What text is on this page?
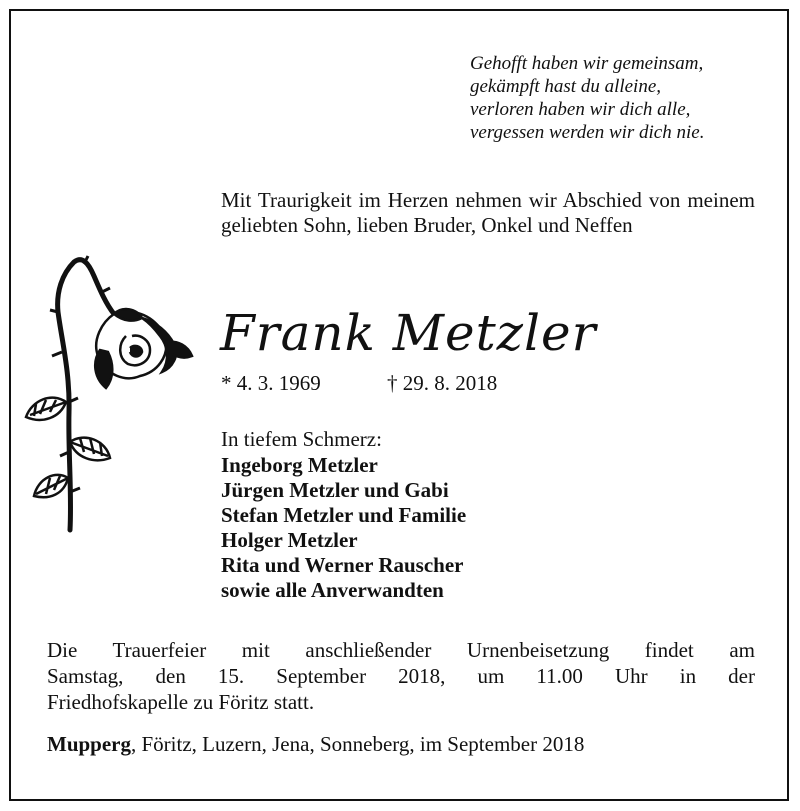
Gehofft haben wir gemeinsam,
gekämpft hast du alleine,
verloren haben wir dich alle,
vergessen werden wir dich nie.
Mit Traurigkeit im Herzen nehmen wir Abschied von meinem geliebten Sohn, lieben Bruder, Onkel und Neffen
Frank Metzler
* 4. 3. 1969	† 29. 8. 2018
In tiefem Schmerz:
Ingeborg Metzler
Jürgen Metzler und Gabi
Stefan Metzler und Familie
Holger Metzler
Rita und Werner Rauscher
sowie alle Anverwandten
Die Trauerfeier mit anschließender Urnenbeisetzung findet am
Samstag, den 15. September 2018, um 11.00 Uhr in der
Friedhofskapelle zu Föritz statt.
Mupperg, Föritz, Luzern, Jena, Sonneberg, im September 2018
